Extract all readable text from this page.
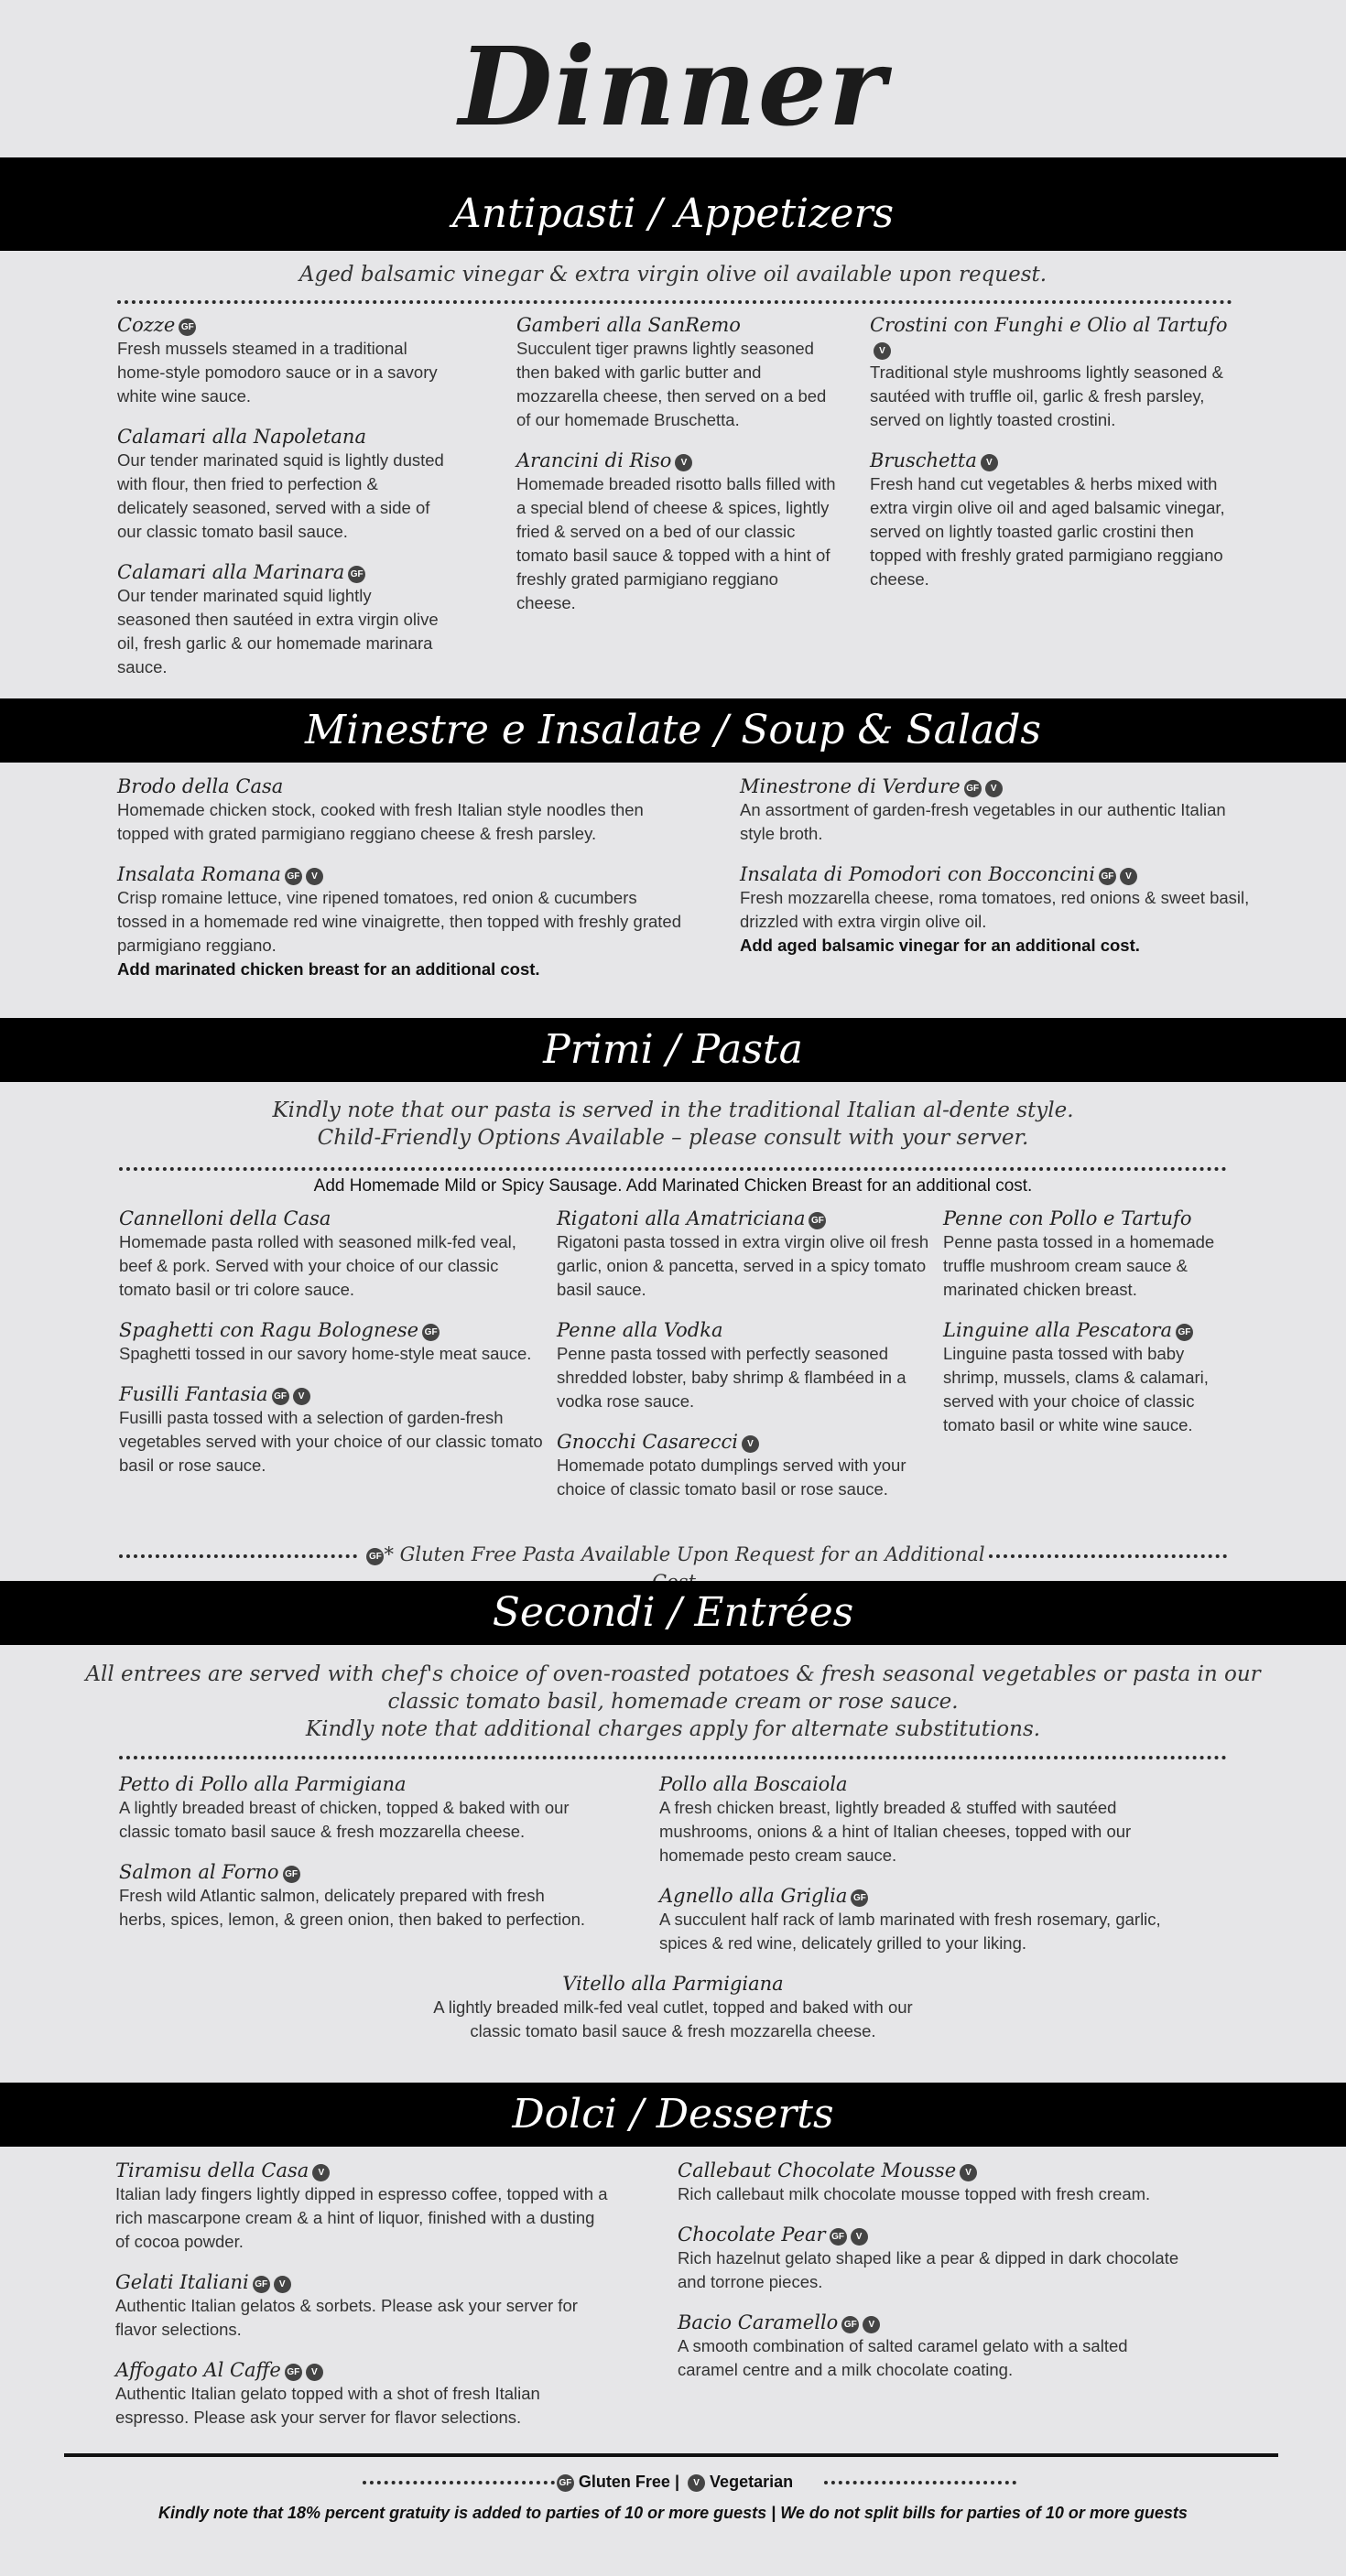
Dinner
Antipasti / Appetizers
Aged balsamic vinegar & extra virgin olive oil available upon request.
Cozze GF
Fresh mussels steamed in a traditional home-style pomodoro sauce or in a savory white wine sauce.
Calamari alla Napoletana
Our tender marinated squid is lightly dusted with flour, then fried to perfection & delicately seasoned, served with a side of our classic tomato basil sauce.
Calamari alla Marinara GF
Our tender marinated squid lightly seasoned then sautéed in extra virgin olive oil, fresh garlic & our homemade marinara sauce.
Gamberi alla SanRemo
Succulent tiger prawns lightly seasoned then baked with garlic butter and mozzarella cheese, then served on a bed of our homemade Bruschetta.
Arancini di Riso V
Homemade breaded risotto balls filled with a special blend of cheese & spices, lightly fried & served on a bed of our classic tomato basil sauce & topped with a hint of freshly grated parmigiano reggiano cheese.
Crostini con Funghi e Olio al TartufoV
Traditional style mushrooms lightly seasoned & sautéed with truffle oil, garlic & fresh parsley, served on lightly toasted crostini.
Bruschetta V
Fresh hand cut vegetables & herbs mixed with extra virgin olive oil and aged balsamic vinegar, served on lightly toasted garlic crostini then topped with freshly grated parmigiano reggiano cheese.
Minestre e Insalate / Soup & Salads
Brodo della Casa
Homemade chicken stock, cooked with fresh Italian style noodles then topped with grated parmigiano reggiano cheese & fresh parsley.
Insalata Romana GF V
Crisp romaine lettuce, vine ripened tomatoes, red onion & cucumbers tossed in a homemade red wine vinaigrette, then topped with freshly grated parmigiano reggiano.
Add marinated chicken breast for an additional cost.
Minestrone di Verdure GF V
An assortment of garden-fresh vegetables in our authentic Italian style broth.
Insalata di Pomodori con Bocconcini GF V
Fresh mozzarella cheese, roma tomatoes, red onions & sweet basil, drizzled with extra virgin olive oil.
Add aged balsamic vinegar for an additional cost.
Primi / Pasta
Kindly note that our pasta is served in the traditional Italian al-dente style.
Child-Friendly Options Available – please consult with your server.
Add Homemade Mild or Spicy Sausage. Add Marinated Chicken Breast for an additional cost.
Cannelloni della Casa
Homemade pasta rolled with seasoned milk-fed veal, beef & pork. Served with your choice of our classic tomato basil or tri colore sauce.
Spaghetti con Ragu Bolognese GF
Spaghetti tossed in our savory home-style meat sauce.
Fusilli Fantasia GF V
Fusilli pasta tossed with a selection of garden-fresh vegetables served with your choice of our classic tomato basil or rose sauce.
Rigatoni alla Amatriciana GF
Rigatoni pasta tossed in extra virgin olive oil fresh garlic, onion & pancetta, served in a spicy tomato basil sauce.
Penne alla Vodka
Penne pasta tossed with perfectly seasoned shredded lobster, baby shrimp & flambéed in a vodka rose sauce.
Gnocchi Casarecci V
Homemade potato dumplings served with your choice of classic tomato basil or rose sauce.
Penne con Pollo e Tartufo
Penne pasta tossed in a homemade truffle mushroom cream sauce & marinated chicken breast.
Linguine alla Pescatora GF
Linguine pasta tossed with baby shrimp, mussels, clams & calamari, served with your choice of classic tomato basil or white wine sauce.
GF * Gluten Free Pasta Available Upon Request for an Additional
Secondi / Entrées
All entrees are served with chef's choice of oven-roasted potatoes & fresh seasonal vegetables or pasta in our
classic tomato basil, homemade cream or rose sauce.
Kindly note that additional charges apply for alternate substitutions.
Petto di Pollo alla Parmigiana
A lightly breaded breast of chicken, topped & baked with our classic tomato basil sauce & fresh mozzarella cheese.
Salmon al Forno GF
Fresh wild Atlantic salmon, delicately prepared with fresh herbs, spices, lemon, & green onion, then baked to perfection.
Pollo alla Boscaiola
A fresh chicken breast, lightly breaded & stuffed with sautéed mushrooms, onions & a hint of Italian cheeses, topped with our homemade pesto cream sauce.
Agnello alla Griglia GF
A succulent half rack of lamb marinated with fresh rosemary, garlic, spices & red wine, delicately grilled to your liking.
Vitello alla Parmigiana
A lightly breaded milk-fed veal cutlet, topped and baked with our classic tomato basil sauce & fresh mozzarella cheese.
Dolci / Desserts
Tiramisu della Casa V
Italian lady fingers lightly dipped in espresso coffee, topped with a rich mascarpone cream & a hint of liquor, finished with a dusting of cocoa powder.
Gelati Italiani GF V
Authentic Italian gelatos & sorbets. Please ask your server for flavor selections.
Affogato Al Caffe GF V
Authentic Italian gelato topped with a shot of fresh Italian espresso. Please ask your server for flavor selections.
Callebaut Chocolate Mousse V
Rich callebaut milk chocolate mousse topped with fresh cream.
Chocolate Pear GF V
Rich hazelnut gelato shaped like a pear & dipped in dark chocolate and torrone pieces.
Bacio Caramello GF V
A smooth combination of salted caramel gelato with a salted caramel centre and a milk chocolate coating.
GF Gluten Free | V Vegetarian
Kindly note that 18% percent gratuity is added to parties of 10 or more guests | We do not split bills for parties of 10 or more guests
